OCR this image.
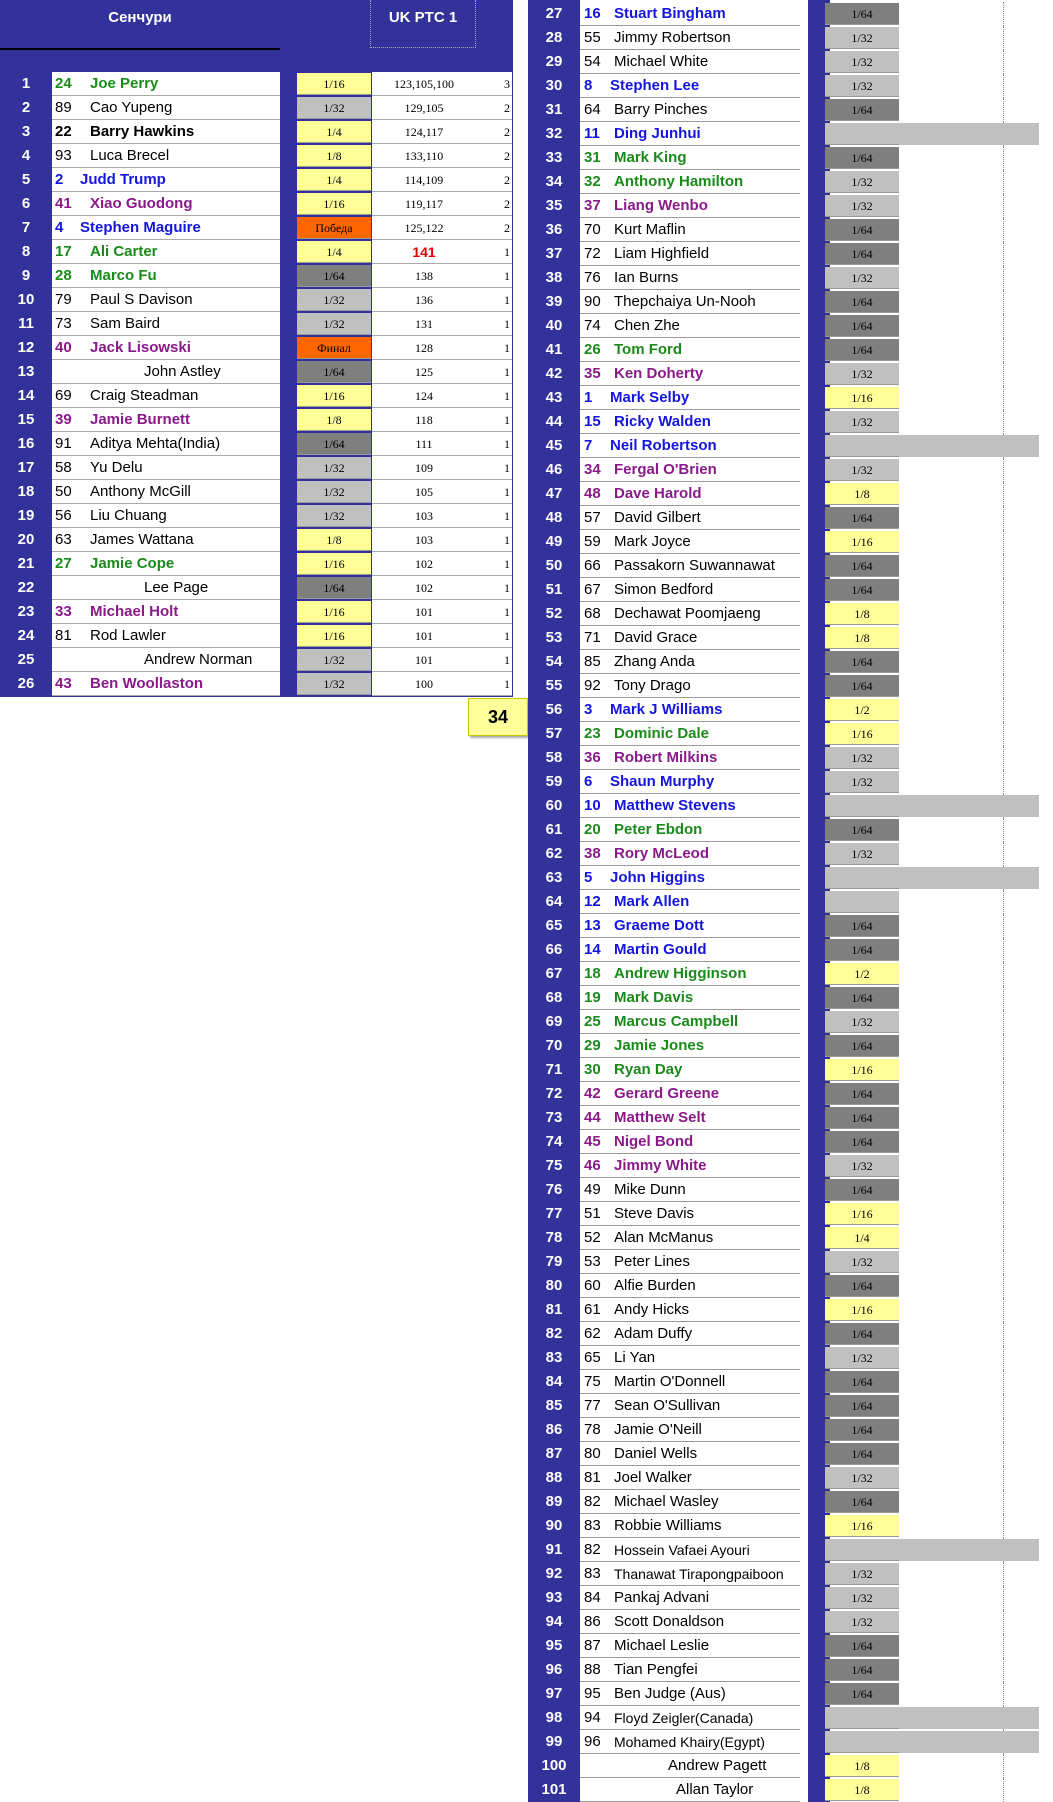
Сенчури	UK PTC 1
1	24 Joe Perry	1/16	123,105,100	3
2	89 Cao Yupeng	1/32	129,105	2
3	22 Barry Hawkins	1/4	124,117	2
4	93 Luca Brecel	1/8	133,110	2
5	2 Judd Trump	1/4	114,109	2
6	41 Xiao Guodong	1/16	119,117	2
7	4 Stephen Maguire	Победа	125,122	2
8	17 Ali Carter	1/4	141	1
9	28 Marco Fu	1/64	138	1
10	79 Paul S Davison	1/32	136	1
11	73 Sam Baird	1/32	131	1
12	40 Jack Lisowski	Финал	128	1
13	John Astley	1/64	125	1
14	69 Craig Steadman	1/16	124	1
15	39 Jamie Burnett	1/8	118	1
16	91 Aditya Mehta(India)	1/64	111	1
17	58 Yu Delu	1/32	109	1
18	50 Anthony McGill	1/32	105	1
19	56 Liu Chuang	1/32	103	1
20	63 James Wattana	1/8	103	1
21	27 Jamie Cope	1/16	102	1
22	Lee Page	1/64	102	1
23	33 Michael Holt	1/16	101	1
24	81 Rod Lawler	1/16	101	1
25	Andrew Norman	1/32	101	1
26	43 Ben Woollaston	1/32	100	1
34
27	16 Stuart Bingham	1/64
28	55 Jimmy Robertson	1/32
29	54 Michael White	1/32
30	8 Stephen Lee	1/32
31	64 Barry Pinches	1/64
32	11 Ding Junhui
33	31 Mark King	1/64
34	32 Anthony Hamilton	1/32
35	37 Liang Wenbo	1/32
36	70 Kurt Maflin	1/64
37	72 Liam Highfield	1/64
38	76 Ian Burns	1/32
39	90 Thepchaiya Un-Nooh	1/64
40	74 Chen Zhe	1/64
41	26 Tom Ford	1/64
42	35 Ken Doherty	1/32
43	1 Mark Selby	1/16
44	15 Ricky Walden	1/32
45	7 Neil Robertson
46	34 Fergal O'Brien	1/32
47	48 Dave Harold	1/8
48	57 David Gilbert	1/64
49	59 Mark Joyce	1/16
50	66 Passakorn Suwannawat	1/64
51	67 Simon Bedford	1/64
52	68 Dechawat Poomjaeng	1/8
53	71 David Grace	1/8
54	85 Zhang Anda	1/64
55	92 Tony Drago	1/64
56	3 Mark J Williams	1/2
57	23 Dominic Dale	1/16
58	36 Robert Milkins	1/32
59	6 Shaun Murphy	1/32
60	10 Matthew Stevens
61	20 Peter Ebdon	1/64
62	38 Rory McLeod	1/32
63	5 John Higgins
64	12 Mark Allen
65	13 Graeme Dott	1/64
66	14 Martin Gould	1/64
67	18 Andrew Higginson	1/2
68	19 Mark Davis	1/64
69	25 Marcus Campbell	1/32
70	29 Jamie Jones	1/64
71	30 Ryan Day	1/16
72	42 Gerard Greene	1/64
73	44 Matthew Selt	1/64
74	45 Nigel Bond	1/64
75	46 Jimmy White	1/32
76	49 Mike Dunn	1/64
77	51 Steve Davis	1/16
78	52 Alan McManus	1/4
79	53 Peter Lines	1/32
80	60 Alfie Burden	1/64
81	61 Andy Hicks	1/16
82	62 Adam Duffy	1/64
83	65 Li Yan	1/32
84	75 Martin O'Donnell	1/64
85	77 Sean O'Sullivan	1/64
86	78 Jamie O'Neill	1/64
87	80 Daniel Wells	1/64
88	81 Joel Walker	1/32
89	82 Michael Wasley	1/64
90	83 Robbie Williams	1/16
91	82 Hossein Vafaei Ayouri
92	83 Thanawat Tirapongpaiboon	1/32
93	84 Pankaj Advani	1/32
94	86 Scott Donaldson	1/32
95	87 Michael Leslie	1/64
96	88 Tian Pengfei	1/64
97	95 Ben Judge (Aus)	1/64
98	94 Floyd Zeigler(Canada)
99	96 Mohamed Khairy(Egypt)
100	Andrew Pagett	1/8
101	Allan Taylor	1/8
